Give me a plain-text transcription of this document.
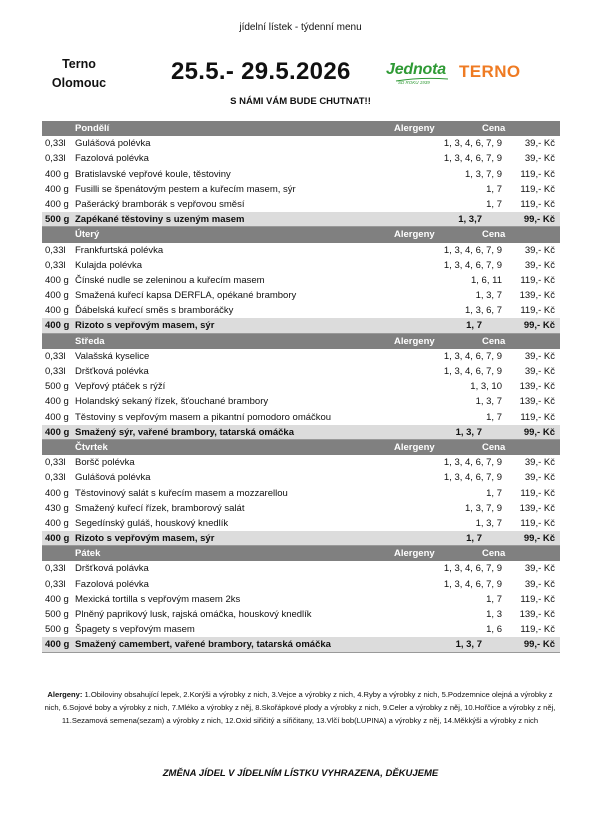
jídelní lístek - týdenní menu
Terno
Olomouc	25.5.- 29.5.2026 Jednota
SD ROKU 1939
TERNO
S NÁMI VÁM BUDE CHUTNAT!!
Pondělí	Alergeny	Cena
0,33l Gulášová polévka	1, 3, 4, 6, 7, 9	39,- Kč
0,33l Fazolová polévka	1, 3, 4, 6, 7, 9	39,- Kč
400 g Bratislavské vepřové koule, těstoviny	1, 3, 7, 9	119,- Kč
400 g Fusilli se špenátovým pestem a kuřecím masem, sýr	1, 7	119,- Kč
400 g Pašerácký bramborák s vepřovou směsí	1, 7	119,- Kč
500 g Zapékané těstoviny s uzeným masem	1, 3,7	99,- Kč
Úterý	Alergeny	Cena
0,33l Frankfurtská polévka	1, 3, 4, 6, 7, 9	39,- Kč
0,33l Kulajda polévka	1, 3, 4, 6, 7, 9	39,- Kč
400 g Čínské nudle se zeleninou a kuřecím masem	1, 6, 11	119,- Kč
400 g Smažená kuřecí kapsa DERFLA, opékané brambory	1, 3, 7	139,- Kč
400 g Ďábelská kuřecí směs s bramboráčky	1, 3, 6, 7	119,- Kč
400 g Rizoto s vepřovým masem, sýr	1, 7	99,- Kč
Středa	Alergeny	Cena
0,33l Valašská kyselice	1, 3, 4, 6, 7, 9	39,- Kč
0,33l Dršťková polévka	1, 3, 4, 6, 7, 9	39,- Kč
500 g Vepřový ptáček s rýží	1, 3, 10	139,- Kč
400 g Holandský sekaný řízek, šťouchané brambory	1, 3, 7	139,- Kč
400 g Těstoviny s vepřovým masem a pikantní pomodoro omáčkou	1, 7	119,- Kč
400 g Smažený sýr, vařené brambory, tatarská omáčka	1, 3, 7	99,- Kč
Čtvrtek	Alergeny	Cena
0,33l Boršč polévka	1, 3, 4, 6, 7, 9	39,- Kč
0,33l Gulášová polévka	1, 3, 4, 6, 7, 9	39,- Kč
400 g Těstovinový salát s kuřecím masem a mozzarellou	1, 7	119,- Kč
430 g Smažený kuřecí řízek, bramborový salát	1, 3, 7, 9	139,- Kč
400 g Segedínský guláš, houskový knedlík	1, 3, 7	119,- Kč
400 g Rizoto s vepřovým masem, sýr	1, 7	99,- Kč
Pátek	Alergeny	Cena
0,33l Dršťková polávka	1, 3, 4, 6, 7, 9	39,- Kč
0,33l Fazolová polévka	1, 3, 4, 6, 7, 9	39,- Kč
400 g Mexická tortilla s vepřovým masem 2ks	1, 7	119,- Kč
500 g Plněný paprikový lusk, rajská omáčka, houskový knedlík	1, 3	139,- Kč
500 g Špagety s vepřovým masem	1, 6	119,- Kč
400 g Smažený camembert, vařené brambory, tatarská omáčka	1, 3, 7	99,- Kč
Alergeny: 1.Obiloviny obsahující lepek, 2.Korýši a výrobky z nich, 3.Vejce a výrobky z nich, 4.Ryby a výrobky z nich, 5.Podzemnice olejná a výrobky z nich, 6.Sojové boby a výrobky z nich, 7.Mléko a výrobky z něj, 8.Skořápkové plody a výrobky z nich, 9.Celer a výrobky z něj, 10.Hořčice a výrobky z něj, 11.Sezamová semena(sezam) a výrobky z nich, 12.Oxid siřičitý a siřičitany, 13.Vlčí bob(LUPINA) a výrobky z něj, 14.Měkkýši a výrobky z nich
ZMĚNA JÍDEL V JÍDELNÍM LÍSTKU VYHRAZENA, DĚKUJEME
